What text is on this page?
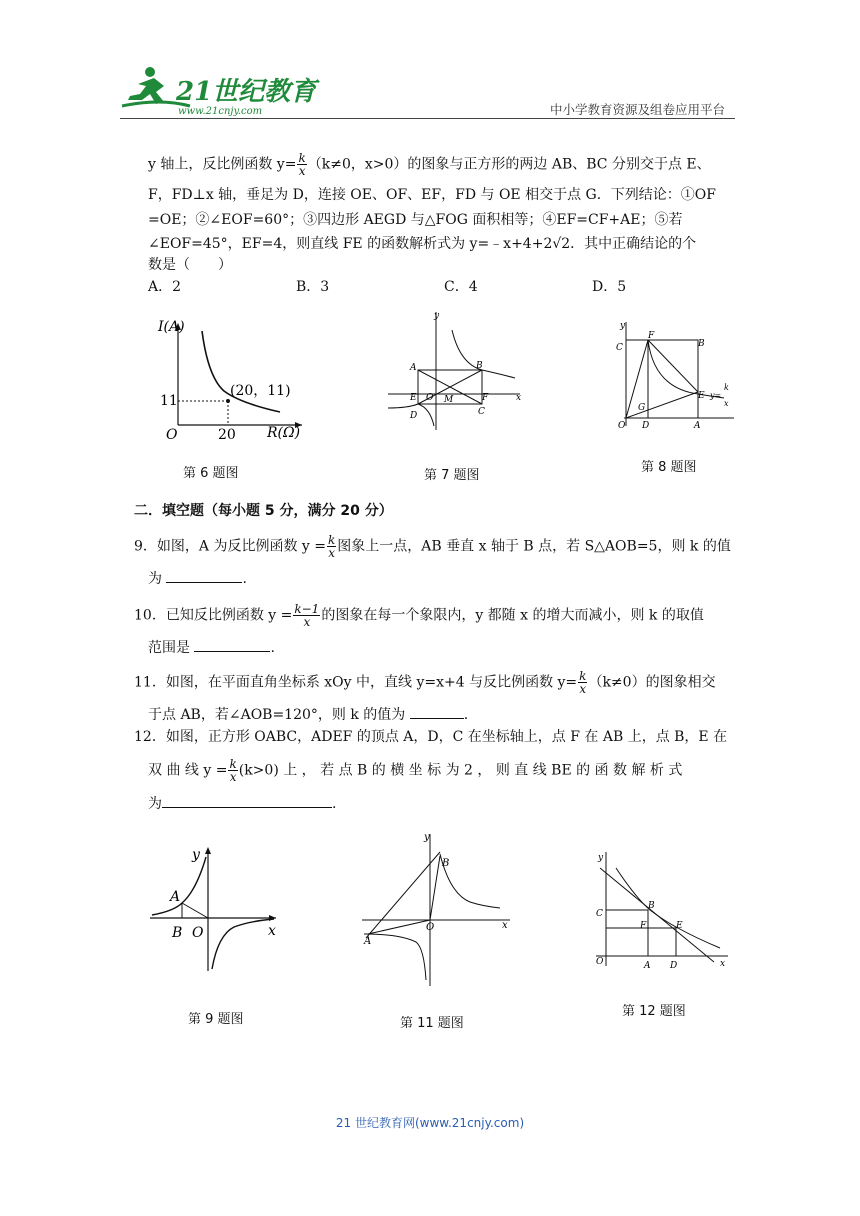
21世纪教育
www.21cnjy.com	中小学教育资源及组卷应用平台
y 轴上，反比例函数 $y= \frac{k}{x} (k\ne 0$，x>0）的图象与正方形的两边 AB、BC 分别交于点 E、
F，FD⊥x 轴，垂足为 D，连接 OE、OF、EF，FD 与 OE 相交于点 G．下列结论：①OF
=OE；②∠EOF=60°；③四边形 AEGD 与△FOG 面积相等；④EF=CF+AE；⑤若
∠EOF=45°，EF=4，则直线 FE 的函数解析式为 y=﹣x+4+2√2．其中正确结论的个
数是（　　）
A．2	B．3	C．4	D．5
I(A)
R(Ω)
(20，11)
11
20
O
第 6 题图
y
x
A	B
E O M	F
D	C
第 7 题图
y
C
F
B
E
G
O D	A
y=
k
x
第 8 题图
二．填空题（每小题 5 分，满分 20 分）
9．如图，A 为反比例函数 $y = \frac{k}{x}$ 图象上一点，AB 垂直 x 轴于 B 点，若 S△AOB=5，则 k 的值
为	.
10．已知反比例函数 $y = \frac{k-1}{x}$ 的图象在每一个象限内，y 都随 x 的增大而减小，则 k 的取值
范围是	.
11．如图，在平面直角坐标系 xOy 中，直线 y=x+4 与反比例函数 $y= \frac{k}{x} (k\ne 0)$的图象相交
于点 AB，若∠AOB=120°，则 k 的值为	.
12．如图，正方形 OABC，ADEF 的顶点 A，D，C 在坐标轴上，点 F 在 AB 上，点 B，E 在
双 曲 线 $y = \frac{k}{x} (k>0)$ 上 ， 若 点 B 的 横 坐 标 为 2 ， 则 直 线 BE 的 函 数 解 析 式
为	.
y
x
A
B O
第 9 题图
y
x
B
A
O
第 11 题图
y
C
B
F	E
O	A D	x
第 12 题图
21 世纪教育网(www.21cnjy.com)
